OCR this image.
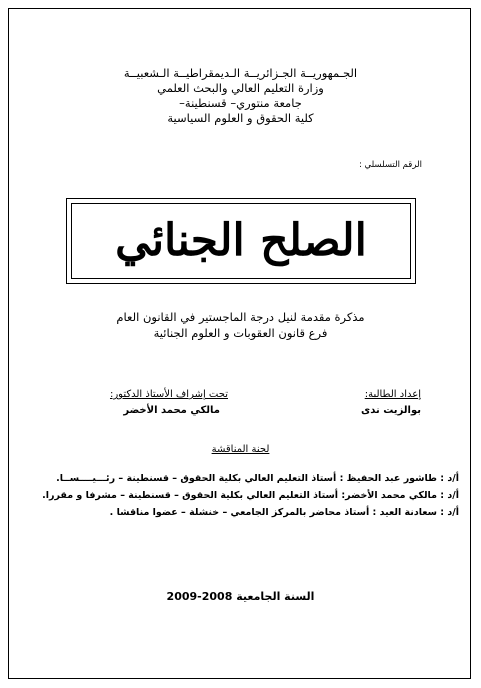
الجـمهوريــة الجـزائريــة الـديمقراطيــة الـشعبيــة
وزارة التعليم العالي والبحث العلمي
جامعة منتوري– قسنطينة–
كلية الحقوق و العلوم السياسية
الرقم التسلسلي :
الصلح الجنائي
مذكرة مقدمة لنيل درجة الماجستير في القانون العام
فرع قانون العقوبات و العلوم الجنائية
إعداد الطالبة:
بوالزيت ندى
تحت إشراف الأستاذ الدكتور:
مالكي محمد الأخضر
لجنة المناقشة
أ/د : طاشور عبد الحفيظ : أستاذ التعليم العالي بكلية الحقوق – قسنطينة – رئـــيــــســا.
أ/د : مالكي محمد الأخضر: أستاذ التعليم العالي بكلية الحقوق – قسنطينة – مشرفا و مقررا.
أ/د : سعادنة العيد : أستاذ محاضر بالمركز الجامعي – خنشلة – عضوا مناقشا .
السنة الجامعية 2008-2009
